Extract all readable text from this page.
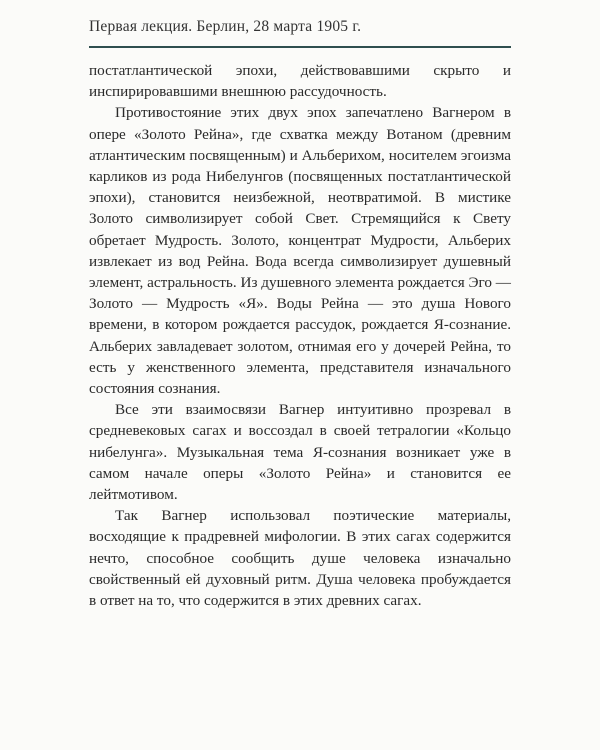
Первая лекция. Берлин, 28 марта 1905 г.

постатлантической эпохи, действовавшими скрыто и инспирировавшими внешнюю рассудочность.

Противостояние этих двух эпох запечатлено Вагнером в опере «Золото Рейна», где схватка между Вотаном (древним атлантическим посвященным) и Альберихом, носителем эгоизма карликов из рода Нибелунгов (посвященных постатлантической эпохи), становится неизбежной, неотвратимой. В мистике Золото символизирует собой Свет. Стремящийся к Свету обретает Мудрость. Золото, концентрат Мудрости, Альберих извлекает из вод Рейна. Вода всегда символизирует душевный элемент, астральность. Из душевного элемента рождается Эго — Золото — Мудрость «Я». Воды Рейна — это душа Нового времени, в котором рождается рассудок, рождается Я-сознание. Альберих завладевает золотом, отнимая его у дочерей Рейна, то есть у женственного элемента, представителя изначального состояния сознания.

Все эти взаимосвязи Вагнер интуитивно прозревал в средневековых сагах и воссоздал в своей тетралогии «Кольцо нибелунга». Музыкальная тема Я-сознания возникает уже в самом начале оперы «Золото Рейна» и становится ее лейтмотивом.

Так Вагнер использовал поэтические материалы, восходящие к прадревней мифологии. В этих сагах содержится нечто, способное сообщить душе человека изначально свойственный ей духовный ритм. Душа человека пробуждается в ответ на то, что содержится в этих древних сагах.
